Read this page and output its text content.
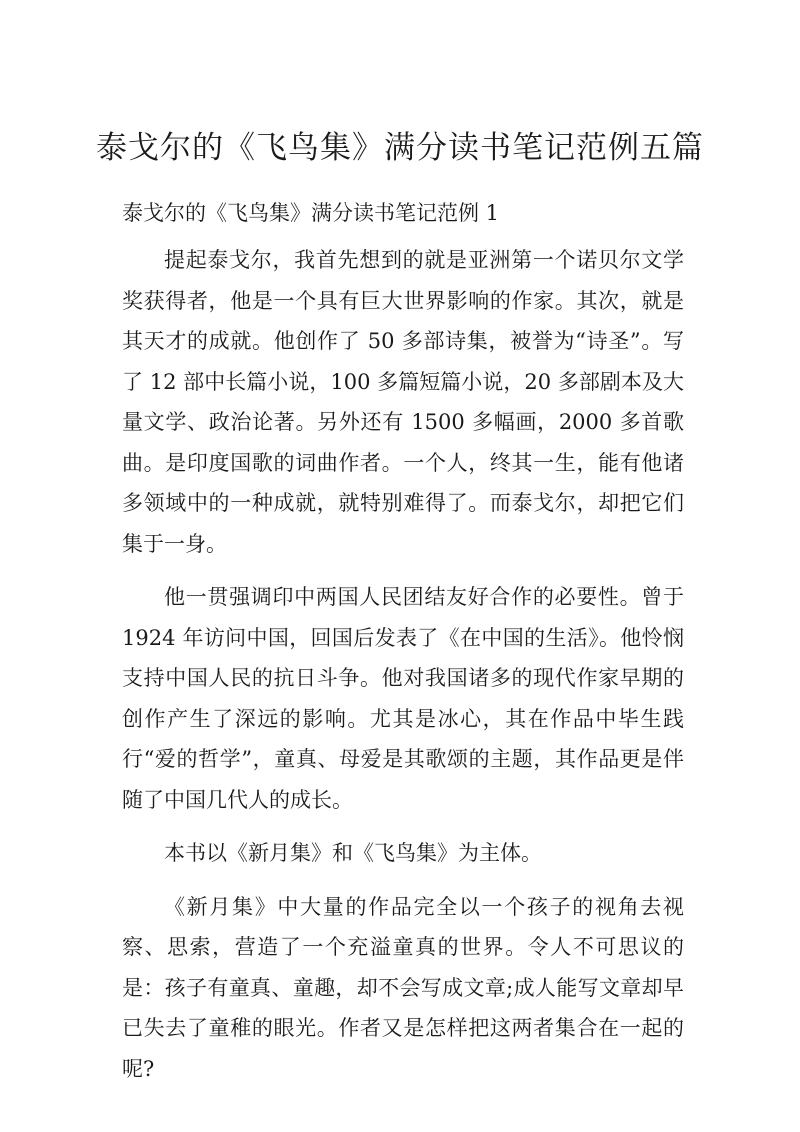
泰戈尔的《飞鸟集》满分读书笔记范例五篇

泰戈尔的《飞鸟集》满分读书笔记范例 1

提起泰戈尔，我首先想到的就是亚洲第一个诺贝尔文学奖获得者，他是一个具有巨大世界影响的作家。其次，就是其天才的成就。他创作了 50 多部诗集，被誉为“诗圣”。写了 12 部中长篇小说，100 多篇短篇小说，20 多部剧本及大量文学、政治论著。另外还有 1500 多幅画，2000 多首歌曲。是印度国歌的词曲作者。一个人，终其一生，能有他诸多领域中的一种成就，就特别难得了。而泰戈尔，却把它们集于一身。

他一贯强调印中两国人民团结友好合作的必要性。曾于1924 年访问中国，回国后发表了《在中国的生活》。他怜悯支持中国人民的抗日斗争。他对我国诸多的现代作家早期的创作产生了深远的影响。尤其是冰心，其在作品中毕生践行“爱的哲学”，童真、母爱是其歌颂的主题，其作品更是伴随了中国几代人的成长。

本书以《新月集》和《飞鸟集》为主体。

《新月集》中大量的作品完全以一个孩子的视角去视察、思索，营造了一个充溢童真的世界。令人不可思议的是：孩子有童真、童趣，却不会写成文章;成人能写文章却早已失去了童稚的眼光。作者又是怎样把这两者集合在一起的呢?
